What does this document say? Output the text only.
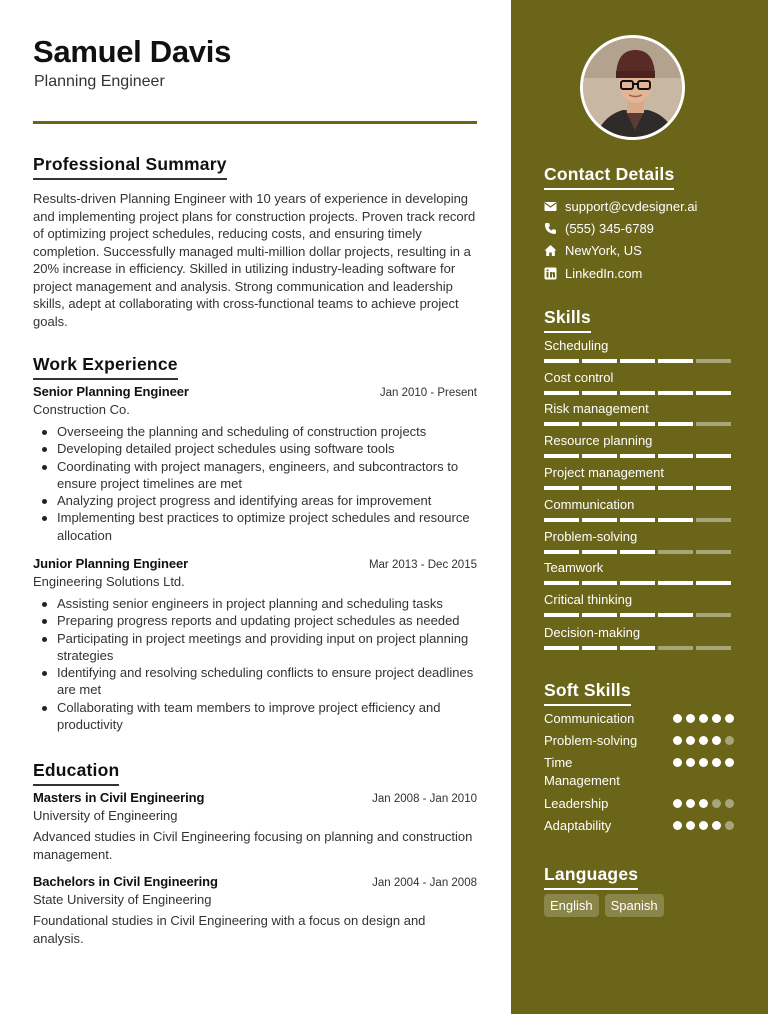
Samuel Davis
Planning Engineer
Professional Summary

Results-driven Planning Engineer with 10 years of experience in developing and implementing project plans for construction projects. Proven track record of optimizing project schedules, reducing costs, and ensuring timely completion. Successfully managed multi-million dollar projects, resulting in a 20% increase in efficiency. Skilled in utilizing industry-leading software for project management and analysis. Strong communication and leadership skills, adept at collaborating with cross-functional teams to achieve project goals.

Work Experience
Senior Planning Engineer	Jan 2010 - Present
Construction Co.
Overseeing the planning and scheduling of construction projects
Developing detailed project schedules using software tools
Coordinating with project managers, engineers, and subcontractors to ensure project timelines are met
Analyzing project progress and identifying areas for improvement
Implementing best practices to optimize project schedules and resource allocation
Junior Planning Engineer	Mar 2013 - Dec 2015
Engineering Solutions Ltd.
Assisting senior engineers in project planning and scheduling tasks
Preparing progress reports and updating project schedules as needed
Participating in project meetings and providing input on project planning strategies
Identifying and resolving scheduling conflicts to ensure project deadlines are met
Collaborating with team members to improve project efficiency and productivity
Education
Masters in Civil Engineering	Jan 2008 - Jan 2010
University of Engineering

Advanced studies in Civil Engineering focusing on planning and construction management.

Bachelors in Civil Engineering	Jan 2004 - Jan 2008
State University of Engineering

Foundational studies in Civil Engineering with a focus on design and analysis.

Contact Details
support@cvdesigner.ai
(555) 345-6789
NewYork, US
LinkedIn.com
Skills
Scheduling
Cost control
Risk management
Resource planning
Project management
Communication
Problem-solving
Teamwork
Critical thinking
Decision-making
Soft Skills
Communication
Problem-solving
Time Management
Leadership
Adaptability
Languages
English	Spanish
